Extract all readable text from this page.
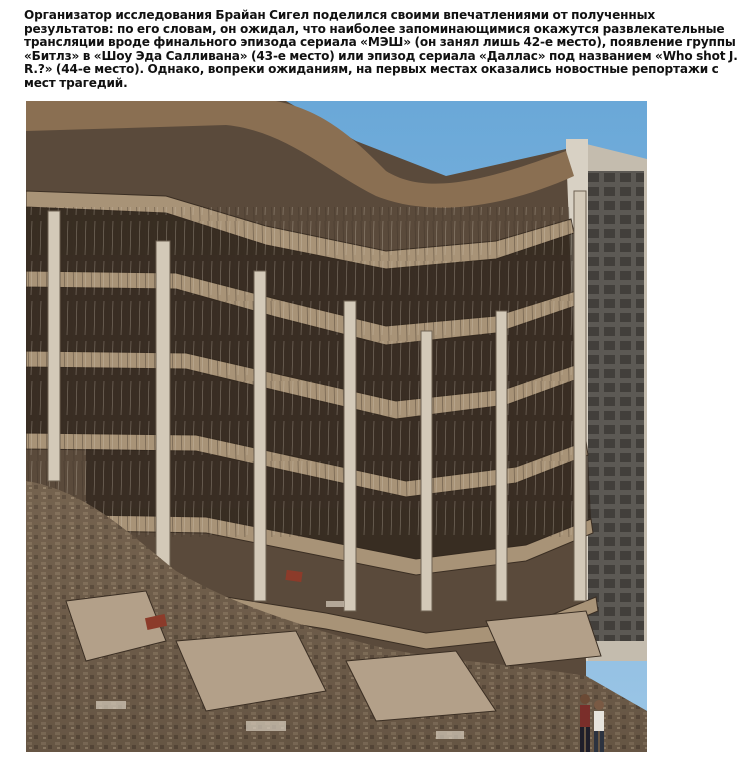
Организатор исследования Брайан Сигел поделился своими впечатлениями от полученных результатов: по его словам, он ожидал, что наиболее запоминающимися окажутся развлекательные трансляции вроде финального эпизода сериала «МЭШ» (он занял лишь 42-е место), появление группы «Битлз» в «Шоу Эда Салливана» (43-е место) или эпизод сериала «Даллас» под названием «Who shot J. R.?» (44-е место). Однако, вопреки ожиданиям, на первых местах оказались новостные репортажи с мест трагедий.
